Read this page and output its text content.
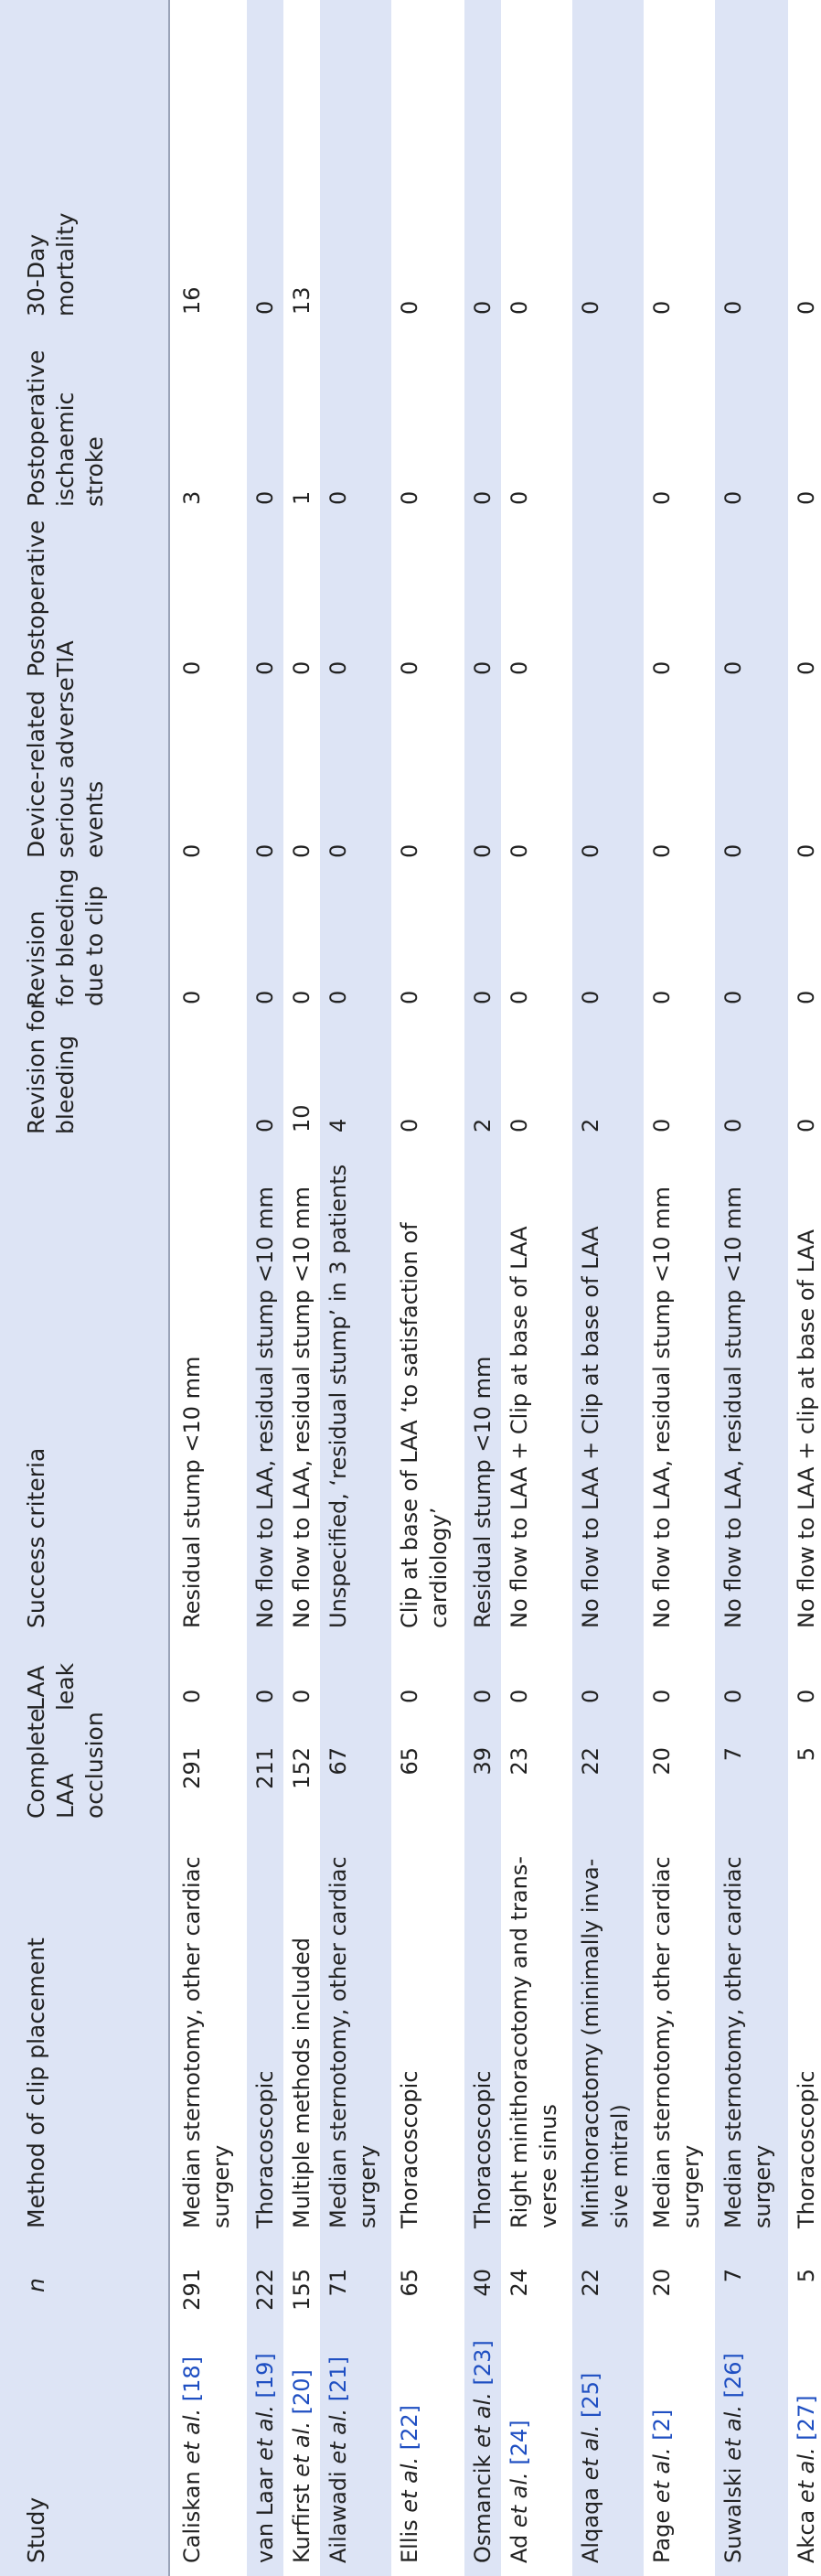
Study
n
Method of clip placement
Complete
LAA
occlusion
LAA
leak
Success criteria
Revision for
bleeding
Revision
for bleeding
due to clip
Device-related
serious adverse
events
Postoperative
TIA
Postoperative
ischaemic
stroke
30-Day
mortality
Caliskan et al. [18]
291
Median sternotomy, other cardiac
surgery
291
0
Residual stump <10 mm
0
0
0
3
16
van Laar et al. [19]
222
Thoracoscopic
211
0
No flow to LAA, residual stump <10 mm
0
0
0
0
0
0
Kurfirst et al. [20]
155
Multiple methods included
152
0
No flow to LAA, residual stump <10 mm
10
0
0
0
1
13
Ailawadi et al. [21]
71
Median sternotomy, other cardiac
surgery
67
Unspecified, ‘residual stump’ in 3 patients
4
0
0
0
0
Ellis et al. [22]
65
Thoracoscopic
65
0
Clip at base of LAA ‘to satisfaction of
cardiology’
0
0
0
0
0
0
Osmancik et al. [23]
40
Thoracoscopic
39
0
Residual stump <10 mm
2
0
0
0
0
0
Ad et al. [24]
24
Right minithoracotomy and trans-
verse sinus
23
0
No flow to LAA + Clip at base of LAA
0
0
0
0
0
0
Alqaqa et al. [25]
22
Minithoracotomy (minimally inva-
sive mitral)
22
0
No flow to LAA + Clip at base of LAA
2
0
0
0
Page et al. [2]
20
Median sternotomy, other cardiac
surgery
20
0
No flow to LAA, residual stump <10 mm
0
0
0
0
0
0
Suwalski et al. [26]
7
Median sternotomy, other cardiac
surgery
7
0
No flow to LAA, residual stump <10 mm
0
0
0
0
0
0
Akca et al. [27]
5
Thoracoscopic
5
0
No flow to LAA + clip at base of LAA
0
0
0
0
0
0
